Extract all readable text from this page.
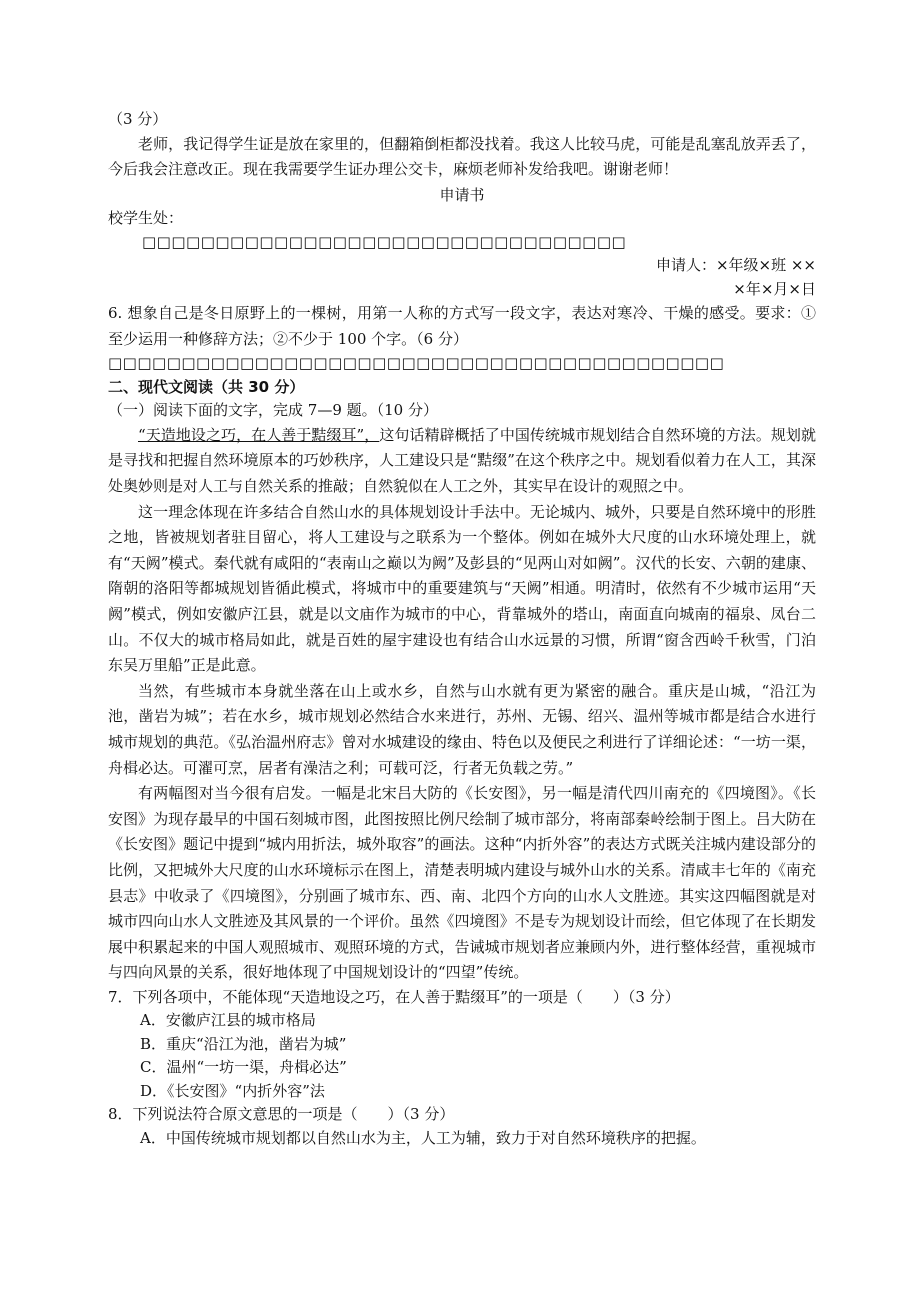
（3 分）
老师，我记得学生证是放在家里的，但翻箱倒柜都没找着。我这人比较马虎，可能是乱塞乱放弄丢了，今后我会注意改正。现在我需要学生证办理公交卡，麻烦老师补发给我吧。谢谢老师！
申请书
校学生处：
□□□□□□□□□□□□□□□□□□□□□□□□□□□□□□□□□
申请人：×年级×班 ××
×年×月×日
6. 想象自己是冬日原野上的一棵树，用第一人称的方式写一段文字，表达对寒冷、干燥的感受。要求：①至少运用一种修辞方法；②不少于 100 个字。（6 分）
□□□□□□□□□□□□□□□□□□□□□□□□□□□□□□□□□□□□□□□□□□
二、现代文阅读（共 30 分）
（一）阅读下面的文字，完成 7—9 题。（10 分）
“天造地设之巧，在人善于黠缀耳”，这句话精辟概括了中国传统城市规划结合自然环境的方法。规划就是寻找和把握自然环境原本的巧妙秩序，人工建设只是“黠缀”在这个秩序之中。规划看似着力在人工，其深处奥妙则是对人工与自然关系的推敲；自然貌似在人工之外，其实早在设计的观照之中。
这一理念体现在许多结合自然山水的具体规划设计手法中。无论城内、城外，只要是自然环境中的形胜之地，皆被规划者驻目留心，将人工建设与之联系为一个整体。例如在城外大尺度的山水环境处理上，就有“天阙”模式。秦代就有咸阳的“表南山之巅以为阙”及彭县的“见两山对如阙”。汉代的长安、六朝的建康、隋朝的洛阳等都城规划皆循此模式，将城市中的重要建筑与“天阙”相通。明清时，依然有不少城市运用“天阙”模式，例如安徽庐江县，就是以文庙作为城市的中心，背靠城外的塔山，南面直向城南的福泉、凤台二山。不仅大的城市格局如此，就是百姓的屋宇建设也有结合山水远景的习惯，所谓“窗含西岭千秋雪，门泊东吴万里船”正是此意。
当然，有些城市本身就坐落在山上或水乡，自然与山水就有更为紧密的融合。重庆是山城，“沿江为池，凿岩为城”；若在水乡，城市规划必然结合水来进行，苏州、无锡、绍兴、温州等城市都是结合水进行城市规划的典范。《弘治温州府志》曾对水城建设的缘由、特色以及便民之利进行了详细论述：“一坊一渠，舟楫必达。可濯可烹，居者有澡洁之利；可载可泛，行者无负载之劳。”
有两幅图对当今很有启发。一幅是北宋吕大防的《长安图》，另一幅是清代四川南充的《四境图》。《长安图》为现存最早的中国石刻城市图，此图按照比例尺绘制了城市部分，将南部秦岭绘制于图上。吕大防在《长安图》题记中提到“城内用折法，城外取容”的画法。这种“内折外容”的表达方式既关注城内建设部分的比例，又把城外大尺度的山水环境标示在图上，清楚表明城内建设与城外山水的关系。清咸丰七年的《南充县志》中收录了《四境图》，分别画了城市东、西、南、北四个方向的山水人文胜迹。其实这四幅图就是对城市四向山水人文胜迹及其风景的一个评价。虽然《四境图》不是专为规划设计而绘，但它体现了在长期发展中积累起来的中国人观照城市、观照环境的方式，告诫城市规划者应兼顾内外，进行整体经营，重视城市与四向风景的关系，很好地体现了中国规划设计的“四望”传统。
7．下列各项中，不能体现“天造地设之巧，在人善于黠缀耳”的一项是（　　）（3 分）
A．安徽庐江县的城市格局
B．重庆“沿江为池，凿岩为城”
C．温州“一坊一渠，舟楫必达”
D．《长安图》“内折外容”法
8．下列说法符合原文意思的一项是（　　）（3 分）
A．中国传统城市规划都以自然山水为主，人工为辅，致力于对自然环境秩序的把握。
